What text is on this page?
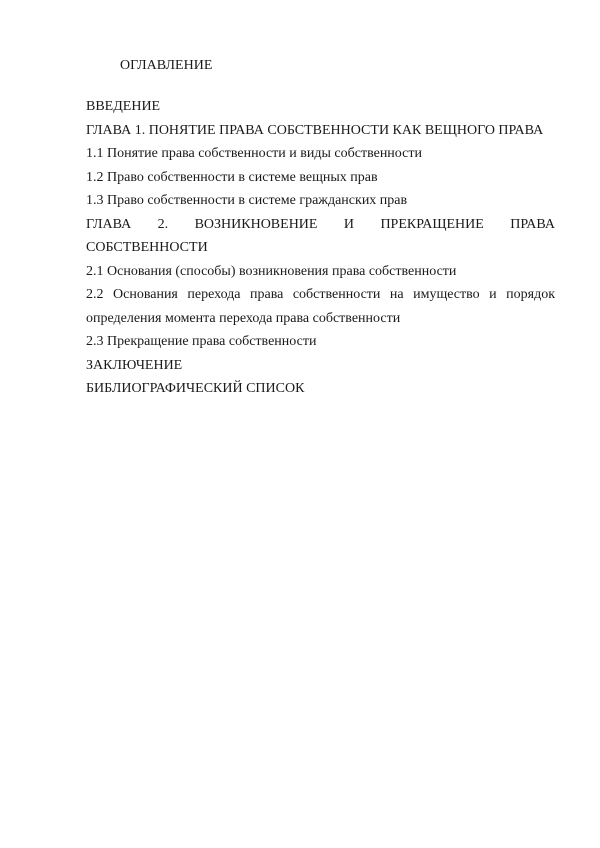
ОГЛАВЛЕНИЕ

ВВЕДЕНИЕ

ГЛАВА 1. ПОНЯТИЕ ПРАВА СОБСТВЕННОСТИ КАК ВЕЩНОГО ПРАВА

1.1 Понятие права собственности и виды собственности

1.2 Право собственности в системе вещных прав

1.3 Право собственности в системе гражданских прав

ГЛАВА 2. ВОЗНИКНОВЕНИЕ И ПРЕКРАЩЕНИЕ ПРАВА СОБСТВЕННОСТИ

2.1 Основания (способы) возникновения права собственности

2.2 Основания перехода права собственности на имущество и порядок определения момента перехода права собственности

2.3 Прекращение права собственности

ЗАКЛЮЧЕНИЕ

БИБЛИОГРАФИЧЕСКИЙ СПИСОК
